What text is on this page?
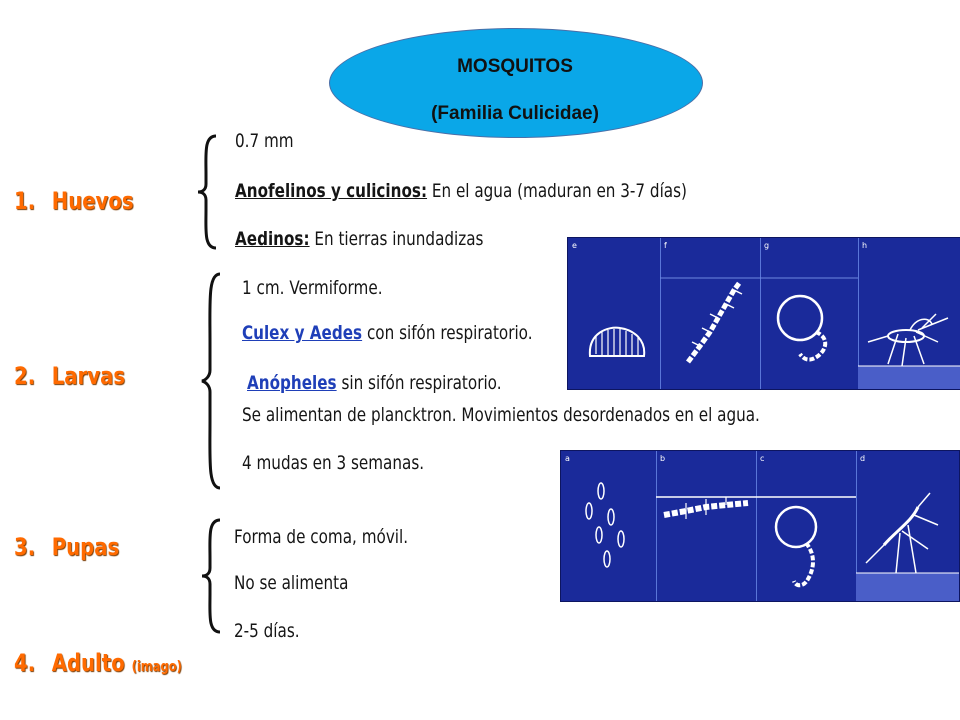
MOSQUITOS
(Familia Culicidae)
1. Huevos
2. Larvas
3. Pupas
4. Adulto (imago)
0.7 mm
Anofelinos y culicinos: En el agua (maduran en 3-7 días)
Aedinos: En tierras inundadizas	e	f	g	h
1 cm. Vermiforme.
Culex y Aedes con sifón respiratorio.
Anópheles sin sifón respiratorio.
Se alimentan de plancktron. Movimientos desordenados en el agua.
4 mudas en 3 semanas.	a	b	c	d
Forma de coma, móvil.
No se alimenta
2-5 días.
